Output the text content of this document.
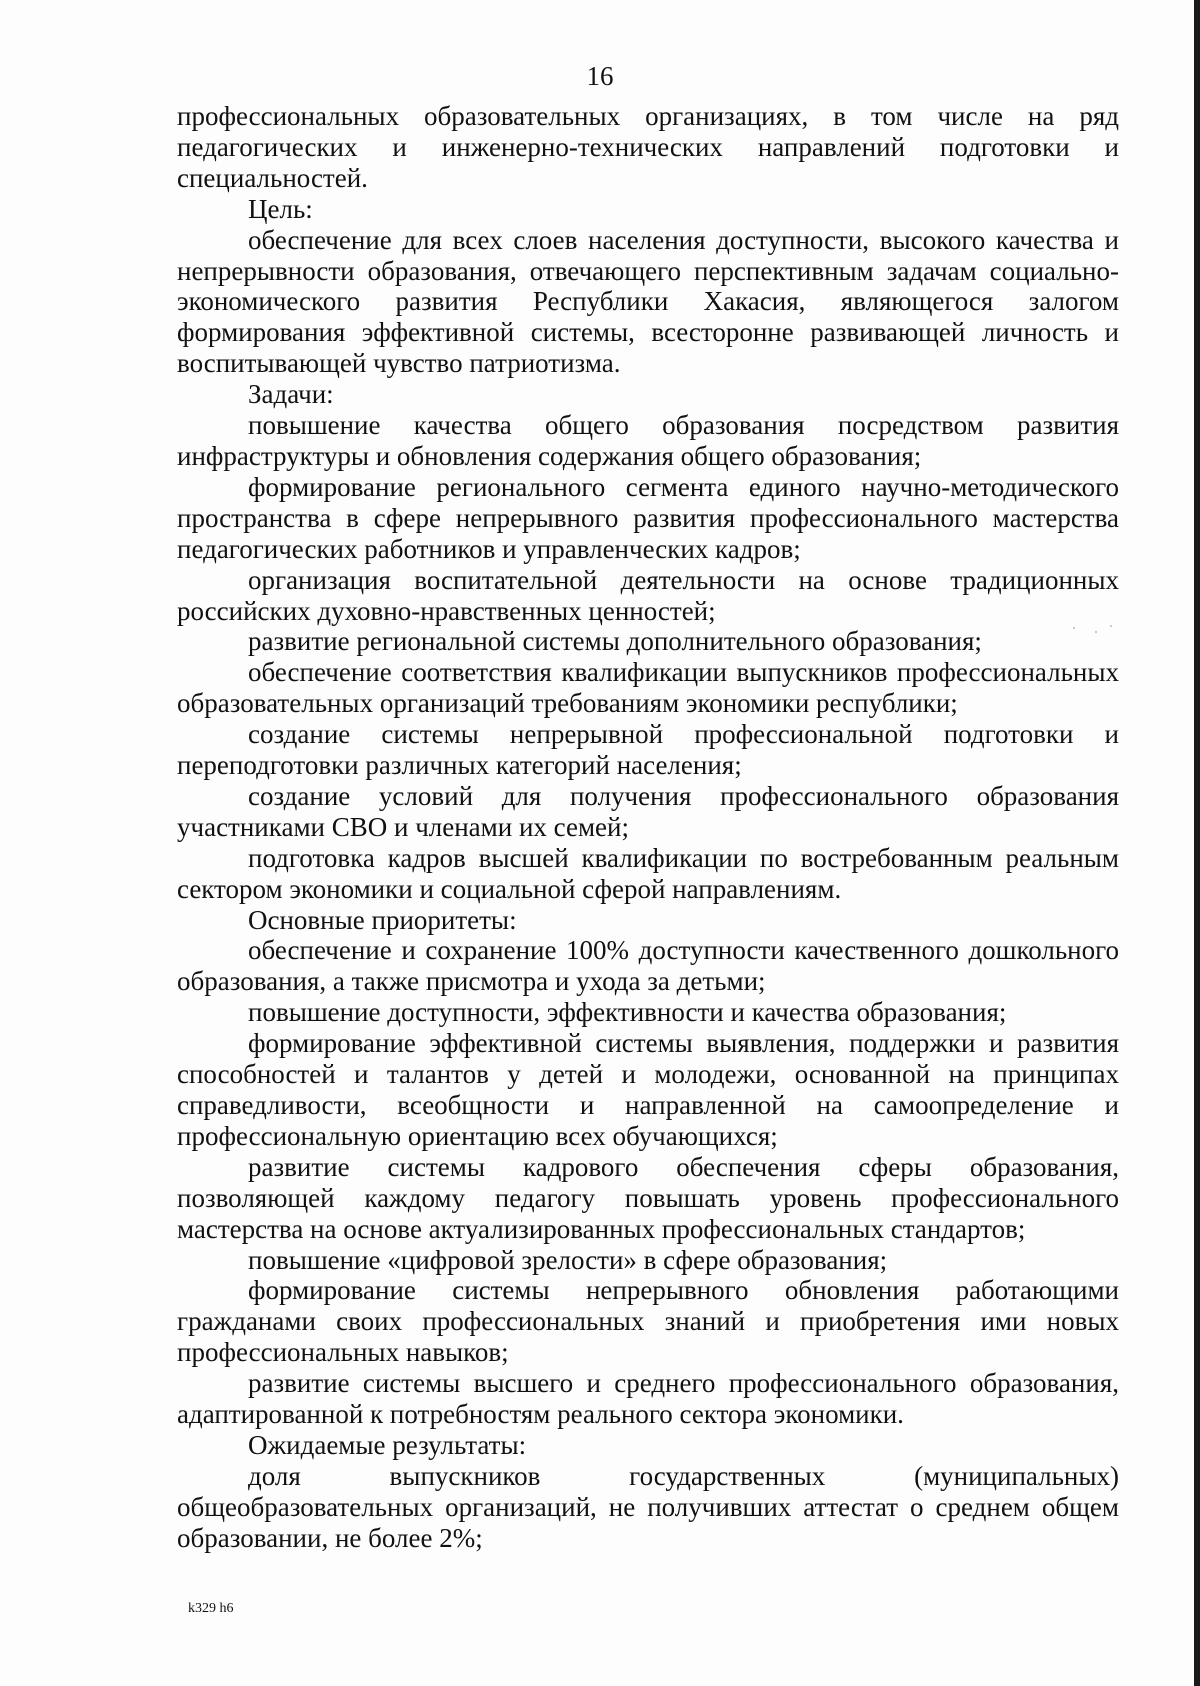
16

профессиональных образовательных организациях, в том числе на ряд педагогических и инженерно-технических направлений подготовки и специальностей.

Цель:

обеспечение для всех слоев населения доступности, высокого качества и непрерывности образования, отвечающего перспективным задачам социально-экономического развития Республики Хакасия, являющегося залогом формирования эффективной системы, всесторонне развивающей личность и воспитывающей чувство патриотизма.

Задачи:

повышение качества общего образования посредством развития инфраструктуры и обновления содержания общего образования;

формирование регионального сегмента единого научно-методического пространства в сфере непрерывного развития профессионального мастерства педагогических работников и управленческих кадров;

организация воспитательной деятельности на основе традиционных российских духовно-нравственных ценностей;

развитие региональной системы дополнительного образования;

обеспечение соответствия квалификации выпускников профессиональных образовательных организаций требованиям экономики республики;

создание системы непрерывной профессиональной подготовки и переподготовки различных категорий населения;

создание условий для получения профессионального образования участниками СВО и членами их семей;

подготовка кадров высшей квалификации по востребованным реальным сектором экономики и социальной сферой направлениям.

Основные приоритеты:

обеспечение и сохранение 100% доступности качественного дошкольного образования, а также присмотра и ухода за детьми;

повышение доступности, эффективности и качества образования;

формирование эффективной системы выявления, поддержки и развития способностей и талантов у детей и молодежи, основанной на принципах справедливости, всеобщности и направленной на самоопределение и профессиональную ориентацию всех обучающихся;

развитие системы кадрового обеспечения сферы образования, позволяющей каждому педагогу повышать уровень профессионального мастерства на основе актуализированных профессиональных стандартов;

повышение «цифровой зрелости» в сфере образования;

формирование системы непрерывного обновления работающими гражданами своих профессиональных знаний и приобретения ими новых профессиональных навыков;

развитие системы высшего и среднего профессионального образования, адаптированной к потребностям реального сектора экономики.

Ожидаемые результаты:

доля выпускников государственных (муниципальных) общеобразовательных организаций, не получивших аттестат о среднем общем образовании, не более 2%;

k329 h6
